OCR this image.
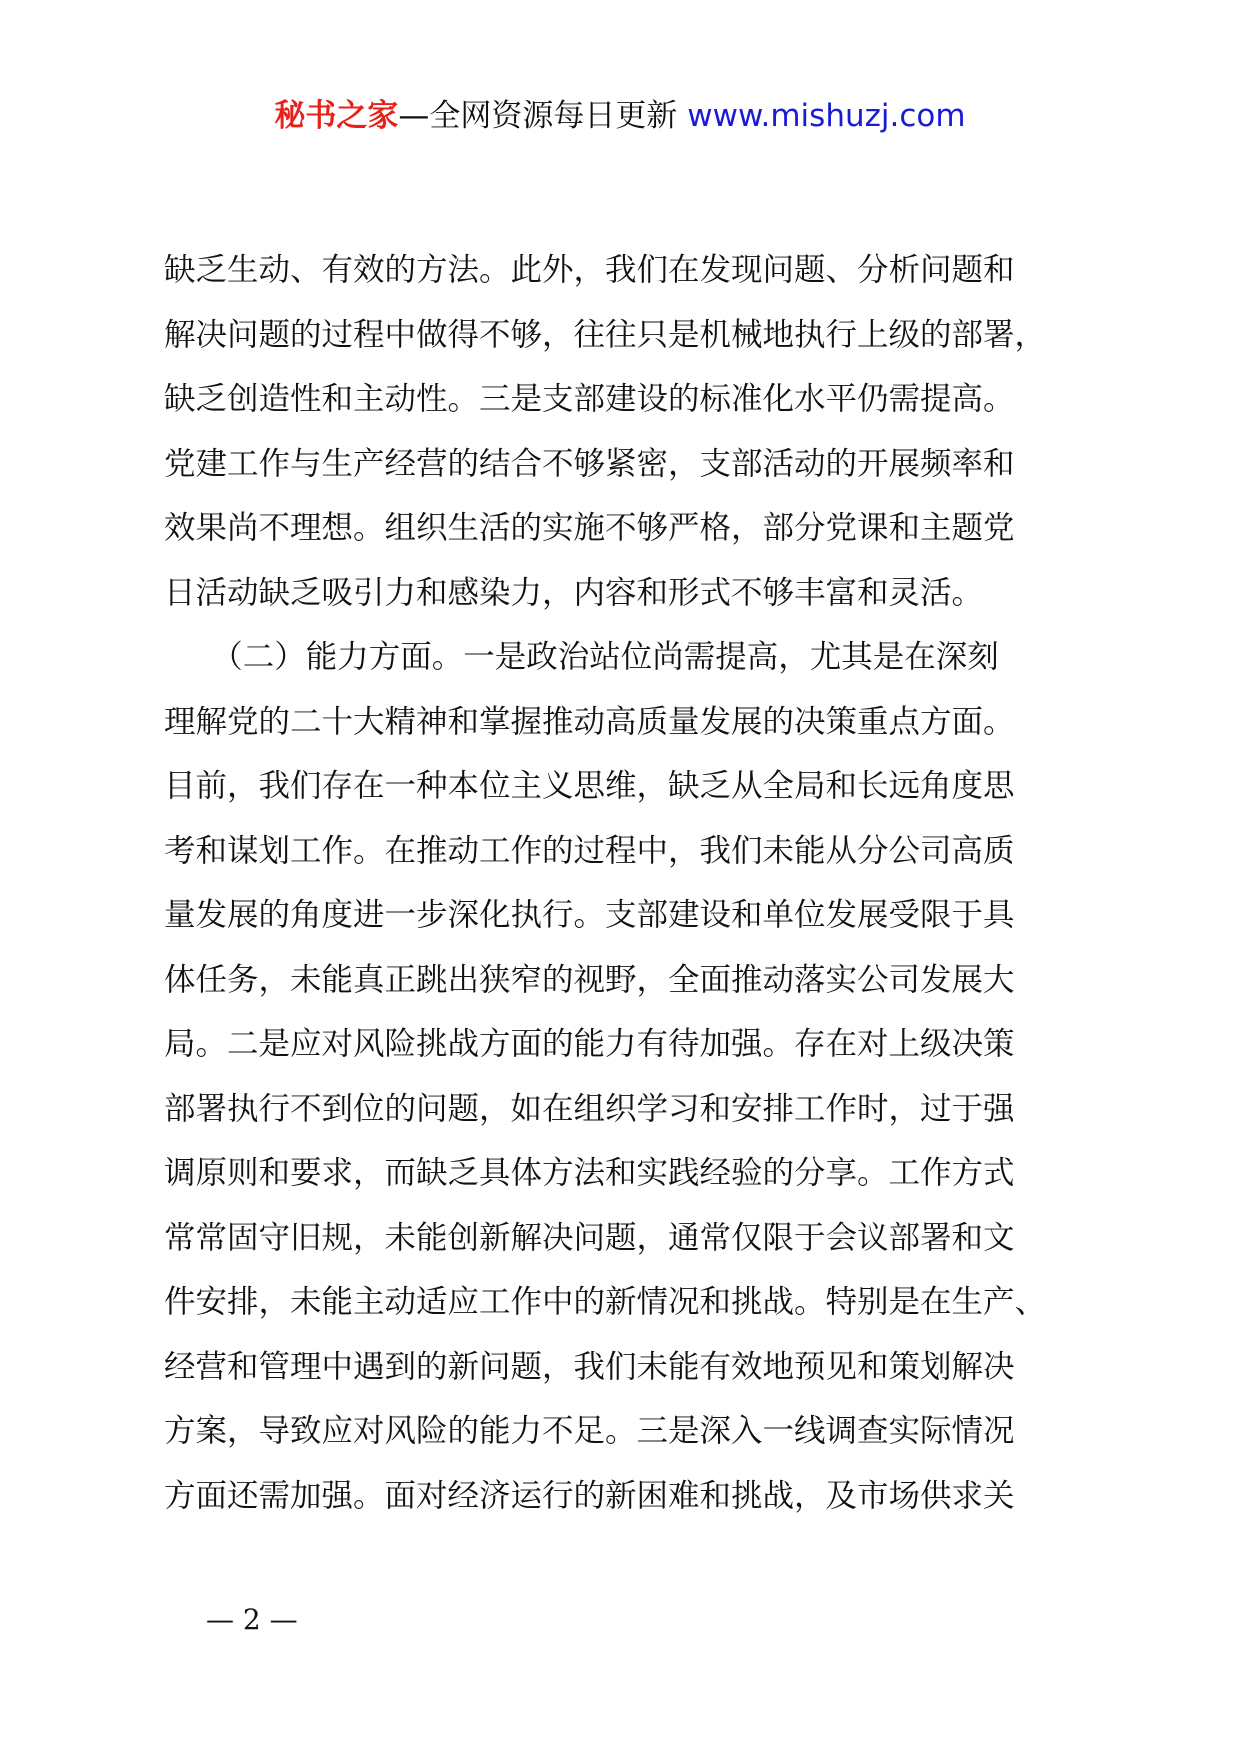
秘书之家—全网资源每日更新 www.mishuzj.com
缺乏生动、有效的方法。此外，我们在发现问题、分析问题和
解决问题的过程中做得不够，往往只是机械地执行上级的部署，
缺乏创造性和主动性。三是支部建设的标准化水平仍需提高。
党建工作与生产经营的结合不够紧密，支部活动的开展频率和
效果尚不理想。组织生活的实施不够严格，部分党课和主题党
日活动缺乏吸引力和感染力，内容和形式不够丰富和灵活。
　　（二）能力方面。一是政治站位尚需提高，尤其是在深刻
理解党的二十大精神和掌握推动高质量发展的决策重点方面。
目前，我们存在一种本位主义思维，缺乏从全局和长远角度思
考和谋划工作。在推动工作的过程中，我们未能从分公司高质
量发展的角度进一步深化执行。支部建设和单位发展受限于具
体任务，未能真正跳出狭窄的视野，全面推动落实公司发展大
局。二是应对风险挑战方面的能力有待加强。存在对上级决策
部署执行不到位的问题，如在组织学习和安排工作时，过于强
调原则和要求，而缺乏具体方法和实践经验的分享。工作方式
常常固守旧规，未能创新解决问题，通常仅限于会议部署和文
件安排，未能主动适应工作中的新情况和挑战。特别是在生产、
经营和管理中遇到的新问题，我们未能有效地预见和策划解决
方案，导致应对风险的能力不足。三是深入一线调查实际情况
方面还需加强。面对经济运行的新困难和挑战，及市场供求关
— 2 —
